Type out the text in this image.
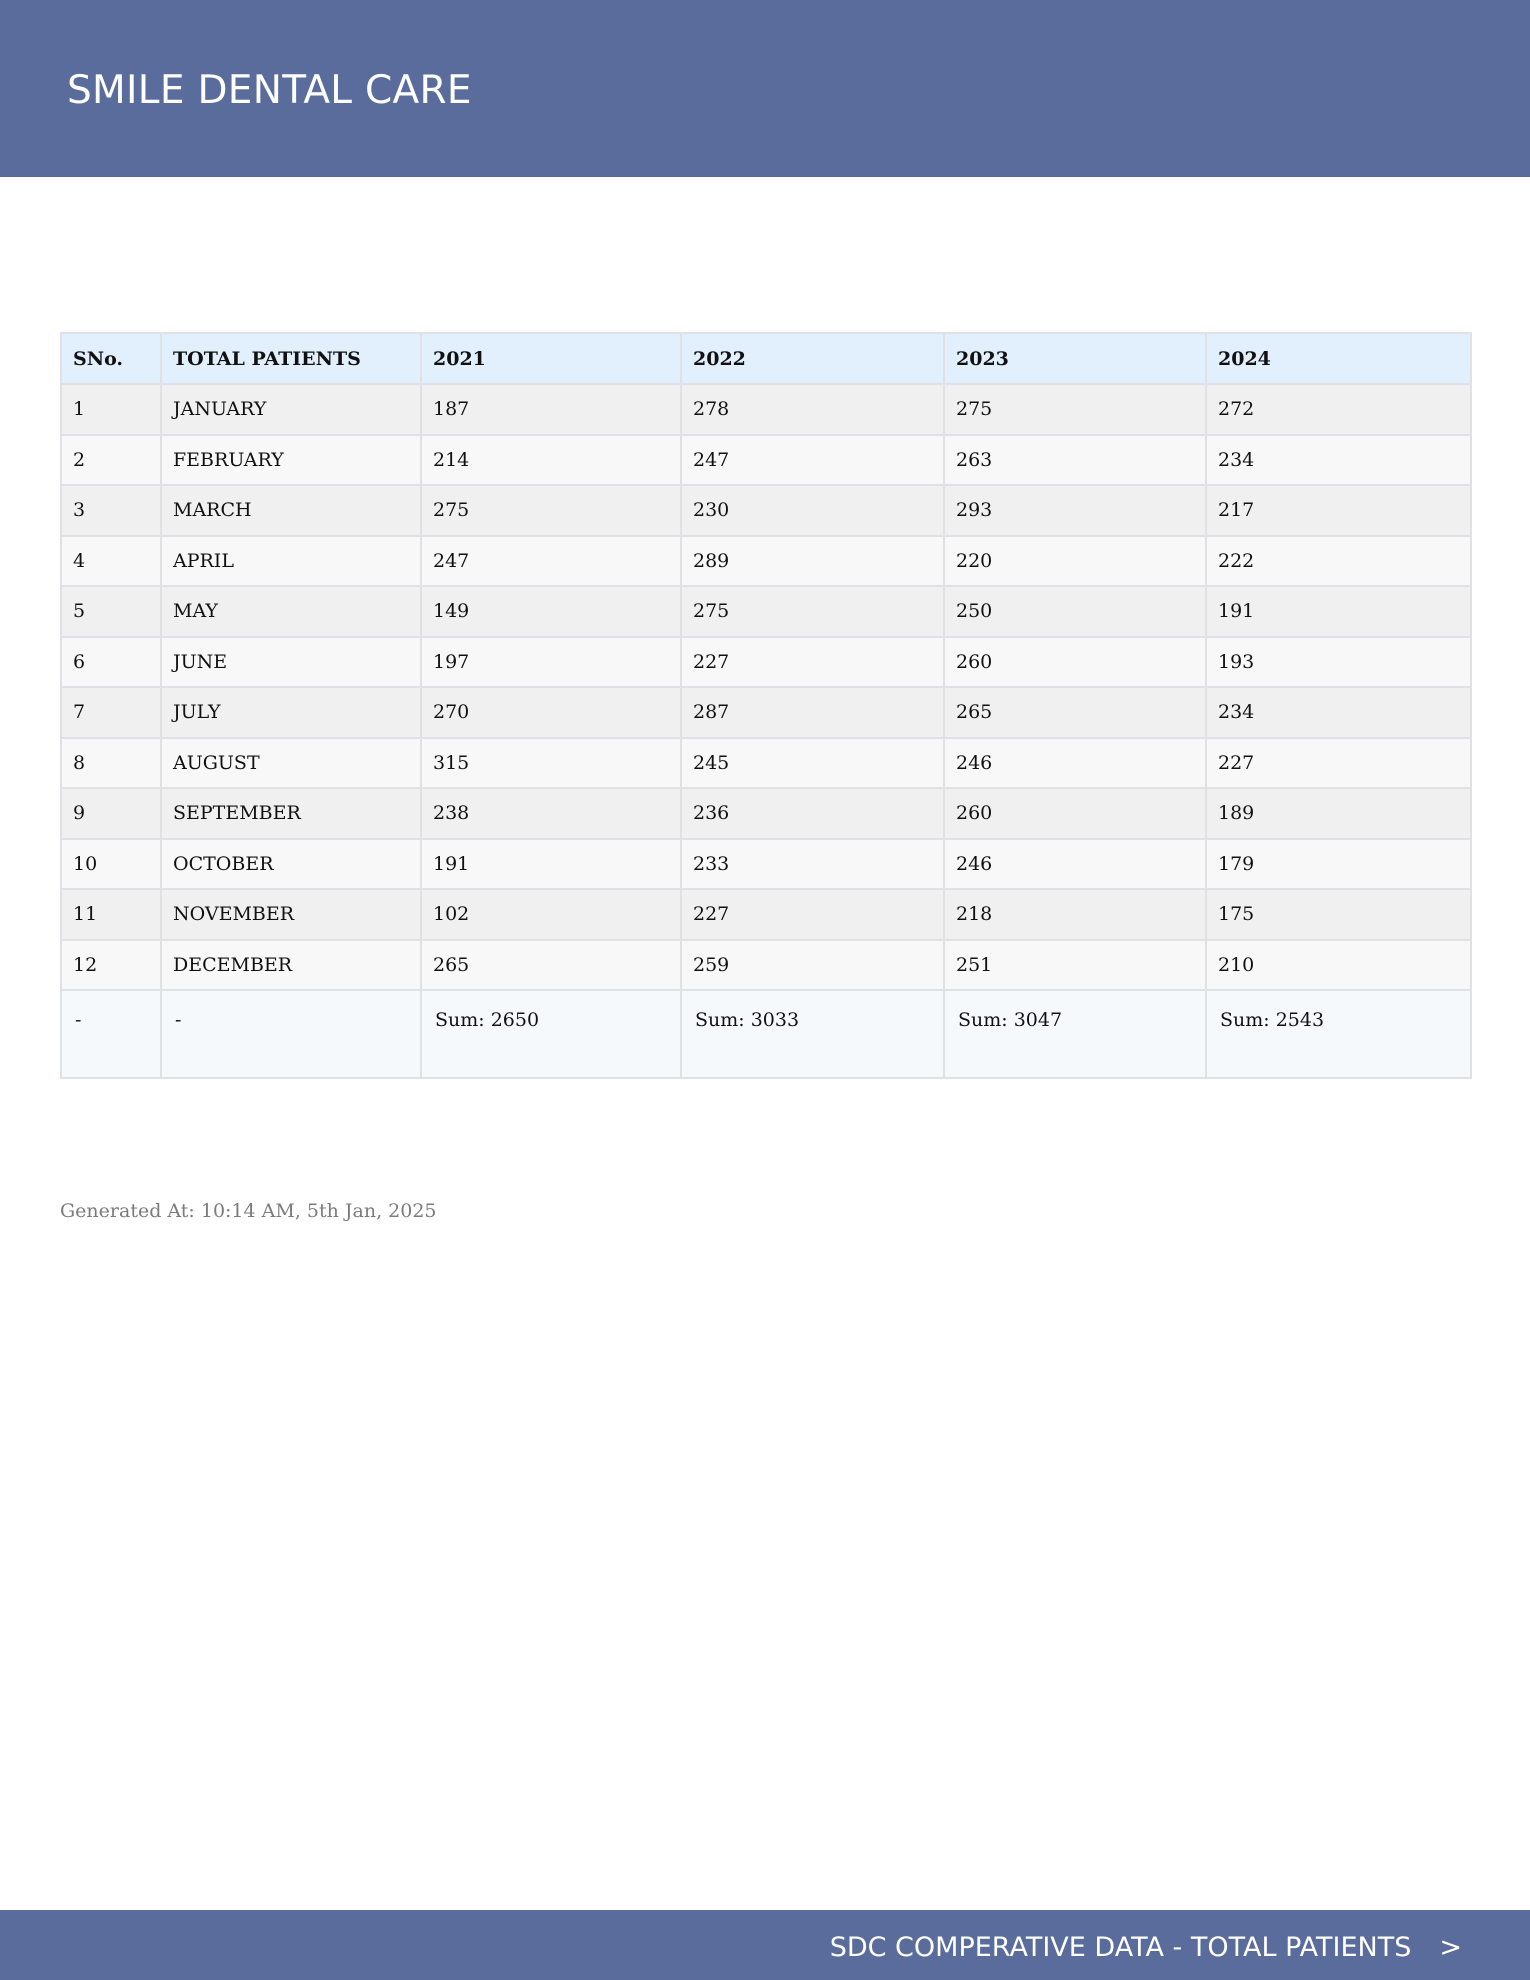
SMILE DENTAL CARE
SNo.	TOTAL PATIENTS	2021	2022	2023	2024
1	JANUARY	187	278	275	272
2	FEBRUARY	214	247	263	234
3	MARCH	275	230	293	217
4	APRIL	247	289	220	222
5	MAY	149	275	250	191
6	JUNE	197	227	260	193
7	JULY	270	287	265	234
8	AUGUST	315	245	246	227
9	SEPTEMBER	238	236	260	189
10	OCTOBER	191	233	246	179
11	NOVEMBER	102	227	218	175
12	DECEMBER	265	259	251	210
-	-	Sum: 2650	Sum: 3033	Sum: 3047	Sum: 2543
Generated At: 10:14 AM, 5th Jan, 2025
SDC COMPERATIVE DATA - TOTAL PATIENTS >
